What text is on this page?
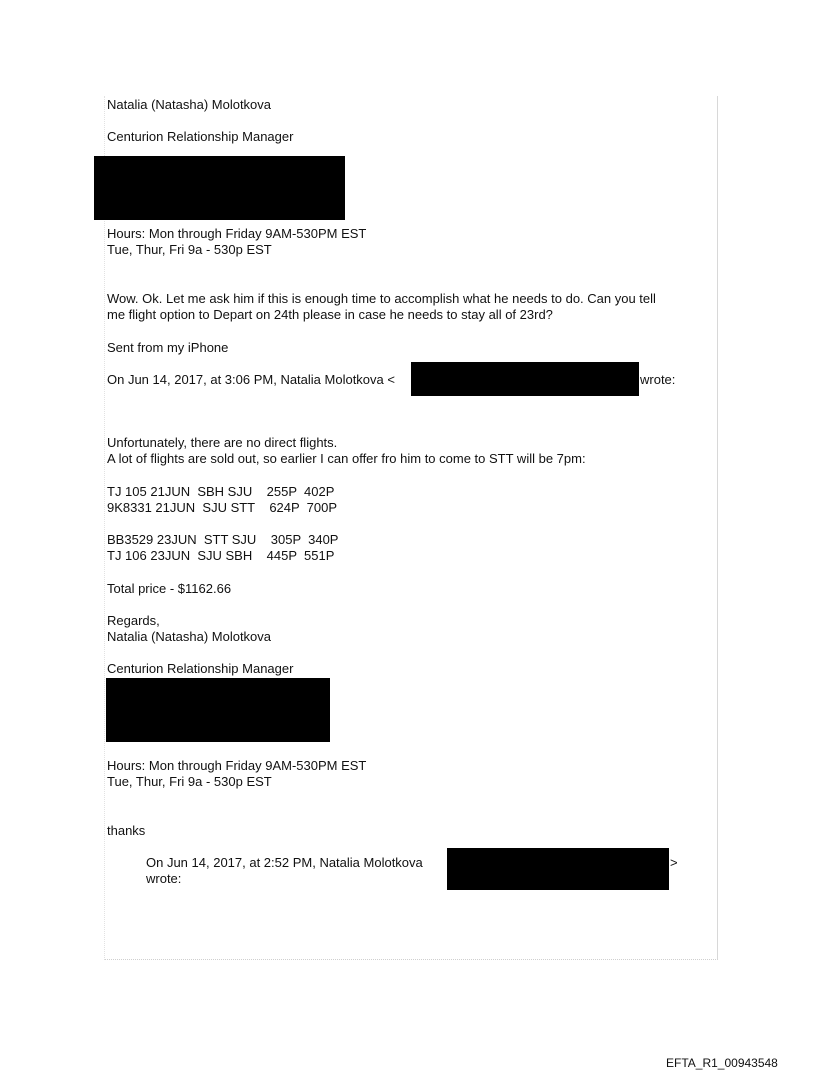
Natalia (Natasha) Molotkova
Centurion Relationship Manager
Hours: Mon through Friday 9AM-530PM EST
Tue, Thur, Fri 9a - 530p EST
Wow. Ok. Let me ask him if this is enough time to accomplish what he needs to do. Can you tell
me flight option to Depart on 24th please in case he needs to stay all of 23rd?
Sent from my iPhone
On Jun 14, 2017, at 3:06 PM, Natalia Molotkova <	wrote:
Unfortunately, there are no direct flights.
A lot of flights are sold out, so earlier I can offer fro him to come to STT will be 7pm:
TJ 105 21JUN  SBH SJU    255P  402P
9K8331 21JUN  SJU STT    624P  700P
BB3529 23JUN  STT SJU    305P  340P
TJ 106 23JUN  SJU SBH    445P  551P
Total price - $1162.66
Regards,
Natalia (Natasha) Molotkova
Centurion Relationship Manager
Hours: Mon through Friday 9AM-530PM EST
Tue, Thur, Fri 9a - 530p EST
thanks
On Jun 14, 2017, at 2:52 PM, Natalia Molotkova	>
wrote:
EFTA_R1_00943548
